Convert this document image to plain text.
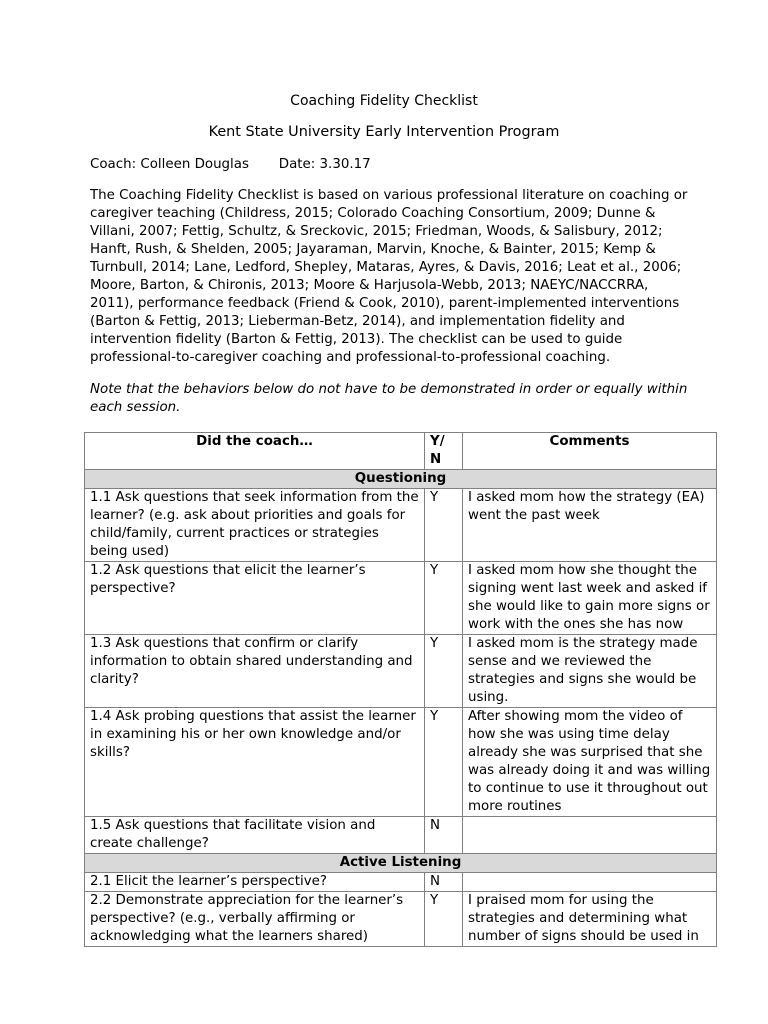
Coaching Fidelity Checklist
Kent State University Early Intervention Program
Coach: Colleen Douglas Date: 3.30.17

The Coaching Fidelity Checklist is based on various professional literature on coaching or caregiver teaching (Childress, 2015; Colorado Coaching Consortium, 2009; Dunne & Villani, 2007; Fettig, Schultz, & Sreckovic, 2015; Friedman, Woods, & Salisbury, 2012; Hanft, Rush, & Shelden, 2005; Jayaraman, Marvin, Knoche, & Bainter, 2015; Kemp & Turnbull, 2014; Lane, Ledford, Shepley, Mataras, Ayres, & Davis, 2016; Leat et al., 2006; Moore, Barton, & Chironis, 2013; Moore & Harjusola-Webb, 2013; NAEYC/NACCRRA, 2011), performance feedback (Friend & Cook, 2010), parent-implemented interventions (Barton & Fettig, 2013; Lieberman-Betz, 2014), and implementation fidelity and intervention fidelity (Barton & Fettig, 2013). The checklist can be used to guide professional-to-caregiver coaching and professional-to-professional coaching.

Note that the behaviors below do not have to be demonstrated in order or equally within each session.

Did the coach…	Y/ N	Comments
Questioning		
1.1 Ask questions that seek information from the learner? (e.g. ask about priorities and goals for child/family, current practices or strategies being used)	Y	I asked mom how the strategy (EA) went the past week
1.2 Ask questions that elicit the learner’s perspective?	Y	I asked mom how she thought the signing went last week and asked if she would like to gain more signs or work with the ones she has now
1.3 Ask questions that confirm or clarify information to obtain shared understanding and clarity?	Y	I asked mom is the strategy made sense and we reviewed the strategies and signs she would be using.
1.4 Ask probing questions that assist the learner in examining his or her own knowledge and/or skills?	Y	After showing mom the video of how she was using time delay already she was surprised that she was already doing it and was willing to continue to use it throughout out more routines
1.5 Ask questions that facilitate vision and create challenge?	N	
Active Listening		
2.1 Elicit the learner’s perspective?	N	
2.2 Demonstrate appreciation for the learner’s perspective? (e.g., verbally affirming or acknowledging what the learners shared)	Y	I praised mom for using the strategies and determining what number of signs should be used in
